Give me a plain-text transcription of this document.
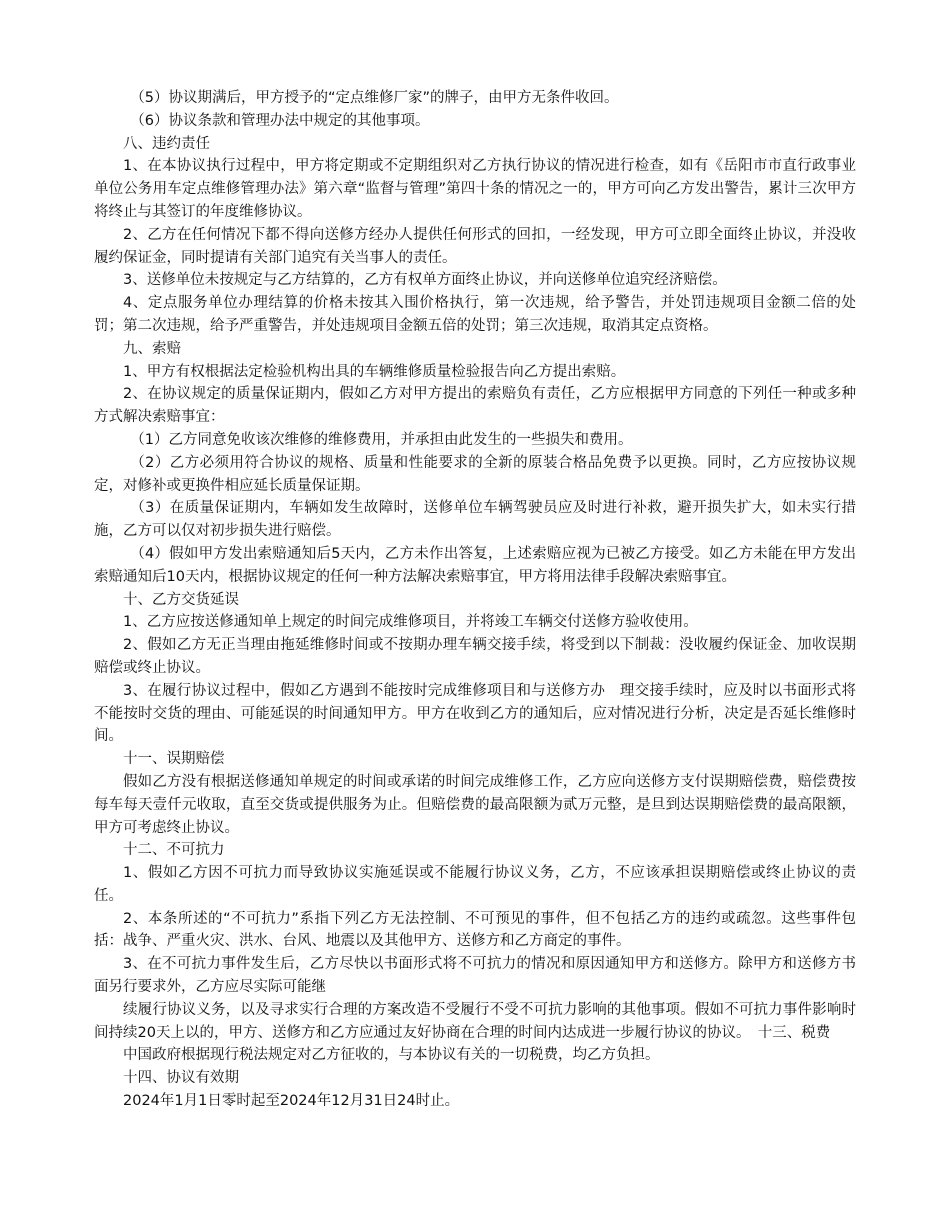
（5）协议期满后，甲方授予的“定点维修厂家”的牌子，由甲方无条件收回。

（6）协议条款和管理办法中规定的其他事项。

八、违约责任

1、在本协议执行过程中，甲方将定期或不定期组织对乙方执行协议的情况进行检查，如有《岳阳市市直行政事业单位公务用车定点维修管理办法》第六章“监督与管理”第四十条的情况之一的，甲方可向乙方发出警告，累计三次甲方将终止与其签订的年度维修协议。

2、乙方在任何情况下都不得向送修方经办人提供任何形式的回扣，一经发现，甲方可立即全面终止协议，并没收履约保证金，同时提请有关部门追究有关当事人的责任。

3、送修单位未按规定与乙方结算的，乙方有权单方面终止协议，并向送修单位追究经济赔偿。

4、定点服务单位办理结算的价格未按其入围价格执行，第一次违规，给予警告，并处罚违规项目金额二倍的处罚；第二次违规，给予严重警告，并处违规项目金额五倍的处罚；第三次违规，取消其定点资格。

九、索赔

1、甲方有权根据法定检验机构出具的车辆维修质量检验报告向乙方提出索赔。

2、在协议规定的质量保证期内，假如乙方对甲方提出的索赔负有责任，乙方应根据甲方同意的下列任一种或多种方式解决索赔事宜：

（1）乙方同意免收该次维修的维修费用，并承担由此发生的一些损失和费用。

（2）乙方必须用符合协议的规格、质量和性能要求的全新的原装合格品免费予以更换。同时，乙方应按协议规定，对修补或更换件相应延长质量保证期。

（3）在质量保证期内，车辆如发生故障时，送修单位车辆驾驶员应及时进行补救，避开损失扩大，如未实行措施，乙方可以仅对初步损失进行赔偿。

（4）假如甲方发出索赔通知后5天内，乙方未作出答复，上述索赔应视为已被乙方接受。如乙方未能在甲方发出索赔通知后10天内，根据协议规定的任何一种方法解决索赔事宜，甲方将用法律手段解决索赔事宜。

十、乙方交货延误

1、乙方应按送修通知单上规定的时间完成维修项目，并将竣工车辆交付送修方验收使用。

2、假如乙方无正当理由拖延维修时间或不按期办理车辆交接手续，将受到以下制裁：没收履约保证金、加收误期赔偿或终止协议。

3、在履行协议过程中，假如乙方遇到不能按时完成维修项目和与送修方办　理交接手续时，应及时以书面形式将不能按时交货的理由、可能延误的时间通知甲方。甲方在收到乙方的通知后，应对情况进行分析，决定是否延长维修时间。

十一、误期赔偿

假如乙方没有根据送修通知单规定的时间或承诺的时间完成维修工作，乙方应向送修方支付误期赔偿费，赔偿费按每车每天壹仟元收取，直至交货或提供服务为止。但赔偿费的最高限额为贰万元整，是旦到达误期赔偿费的最高限额，甲方可考虑终止协议。

十二、不可抗力

1、假如乙方因不可抗力而导致协议实施延误或不能履行协议义务，乙方，不应该承担误期赔偿或终止协议的责任。

2、本条所述的“不可抗力”系指下列乙方无法控制、不可预见的事件，但不包括乙方的违约或疏忽。这些事件包括：战争、严重火灾、洪水、台风、地震以及其他甲方、送修方和乙方商定的事件。

3、在不可抗力事件发生后，乙方尽快以书面形式将不可抗力的情况和原因通知甲方和送修方。除甲方和送修方书面另行要求外，乙方应尽实际可能继

续履行协议义务，以及寻求实行合理的方案改造不受履行不受不可抗力影响的其他事项。假如不可抗力事件影响时间持续20天上以的，甲方、送修方和乙方应通过友好协商在合理的时间内达成进一步履行协议的协议。　十三、税费

中国政府根据现行税法规定对乙方征收的，与本协议有关的一切税费，均乙方负担。

十四、协议有效期

2024年1月1日零时起至2024年12月31日24时止。
